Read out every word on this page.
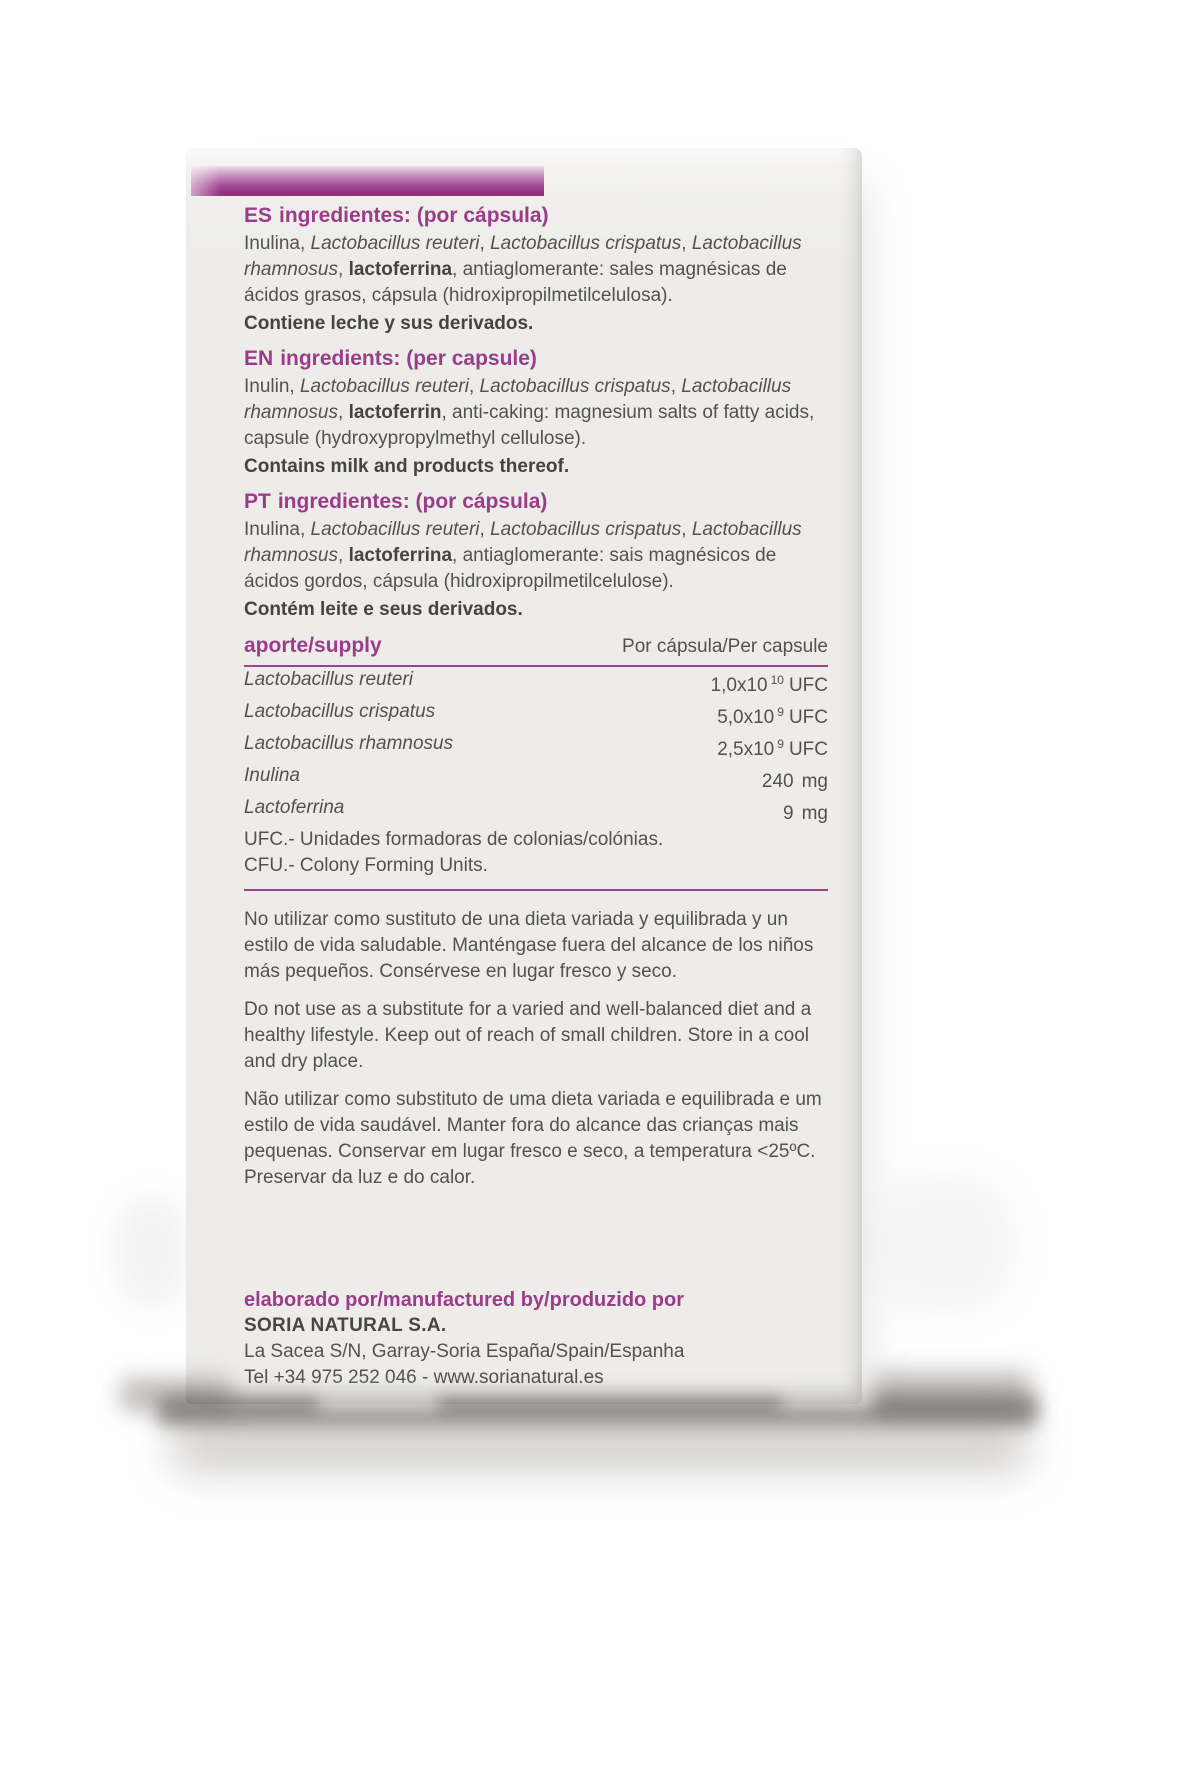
ES ingredientes: (por cápsula)

Inulina, Lactobacillus reuteri, Lactobacillus crispatus, Lactobacillus rhamnosus, lactoferrina, antiaglomerante: sales magnésicas de ácidos grasos, cápsula (hidroxipropilmetilcelulosa).

Contiene leche y sus derivados.

EN ingredients: (per capsule)

Inulin, Lactobacillus reuteri, Lactobacillus crispatus, Lactobacillus rhamnosus, lactoferrin, anti-caking: magnesium salts of fatty acids, capsule (hydroxypropylmethyl cellulose).

Contains milk and products thereof.

PT ingredientes: (por cápsula)

Inulina, Lactobacillus reuteri, Lactobacillus crispatus, Lactobacillus rhamnosus, lactoferrina, antiaglomerante: sais magnésicos de ácidos gordos, cápsula (hidroxipropilmetilcelulose).

Contém leite e seus derivados.

aporte/supply	Por cápsula/Per capsule
Lactobacillus reuteri	1,0x10 $^{10}$ UFC
Lactobacillus crispatus	5,0x10 $^9$ UFC
Lactobacillus rhamnosus	2,5x10 $^9$ UFC
Inulina	240 mg
Lactoferrina	9 mg

UFC.- Unidades formadoras de colonias/colónias.

CFU.- Colony Forming Units.

No utilizar como sustituto de una dieta variada y equilibrada y un estilo de vida saludable. Manténgase fuera del alcance de los niños más pequeños. Consérvese en lugar fresco y seco.

Do not use as a substitute for a varied and well-balanced diet and a healthy lifestyle. Keep out of reach of small children. Store in a cool and dry place.

Não utilizar como substituto de uma dieta variada e equilibrada e um estilo de vida saudável. Manter fora do alcance das crianças mais pequenas. Conservar em lugar fresco e seco, a temperatura <25ºC. Preservar da luz e do calor.

elaborado por/manufactured by/produzido por

SORIA NATURAL S.A.

La Sacea S/N, Garray-Soria España/Spain/Espanha

Tel +34 975 252 046 - www.sorianatural.es
